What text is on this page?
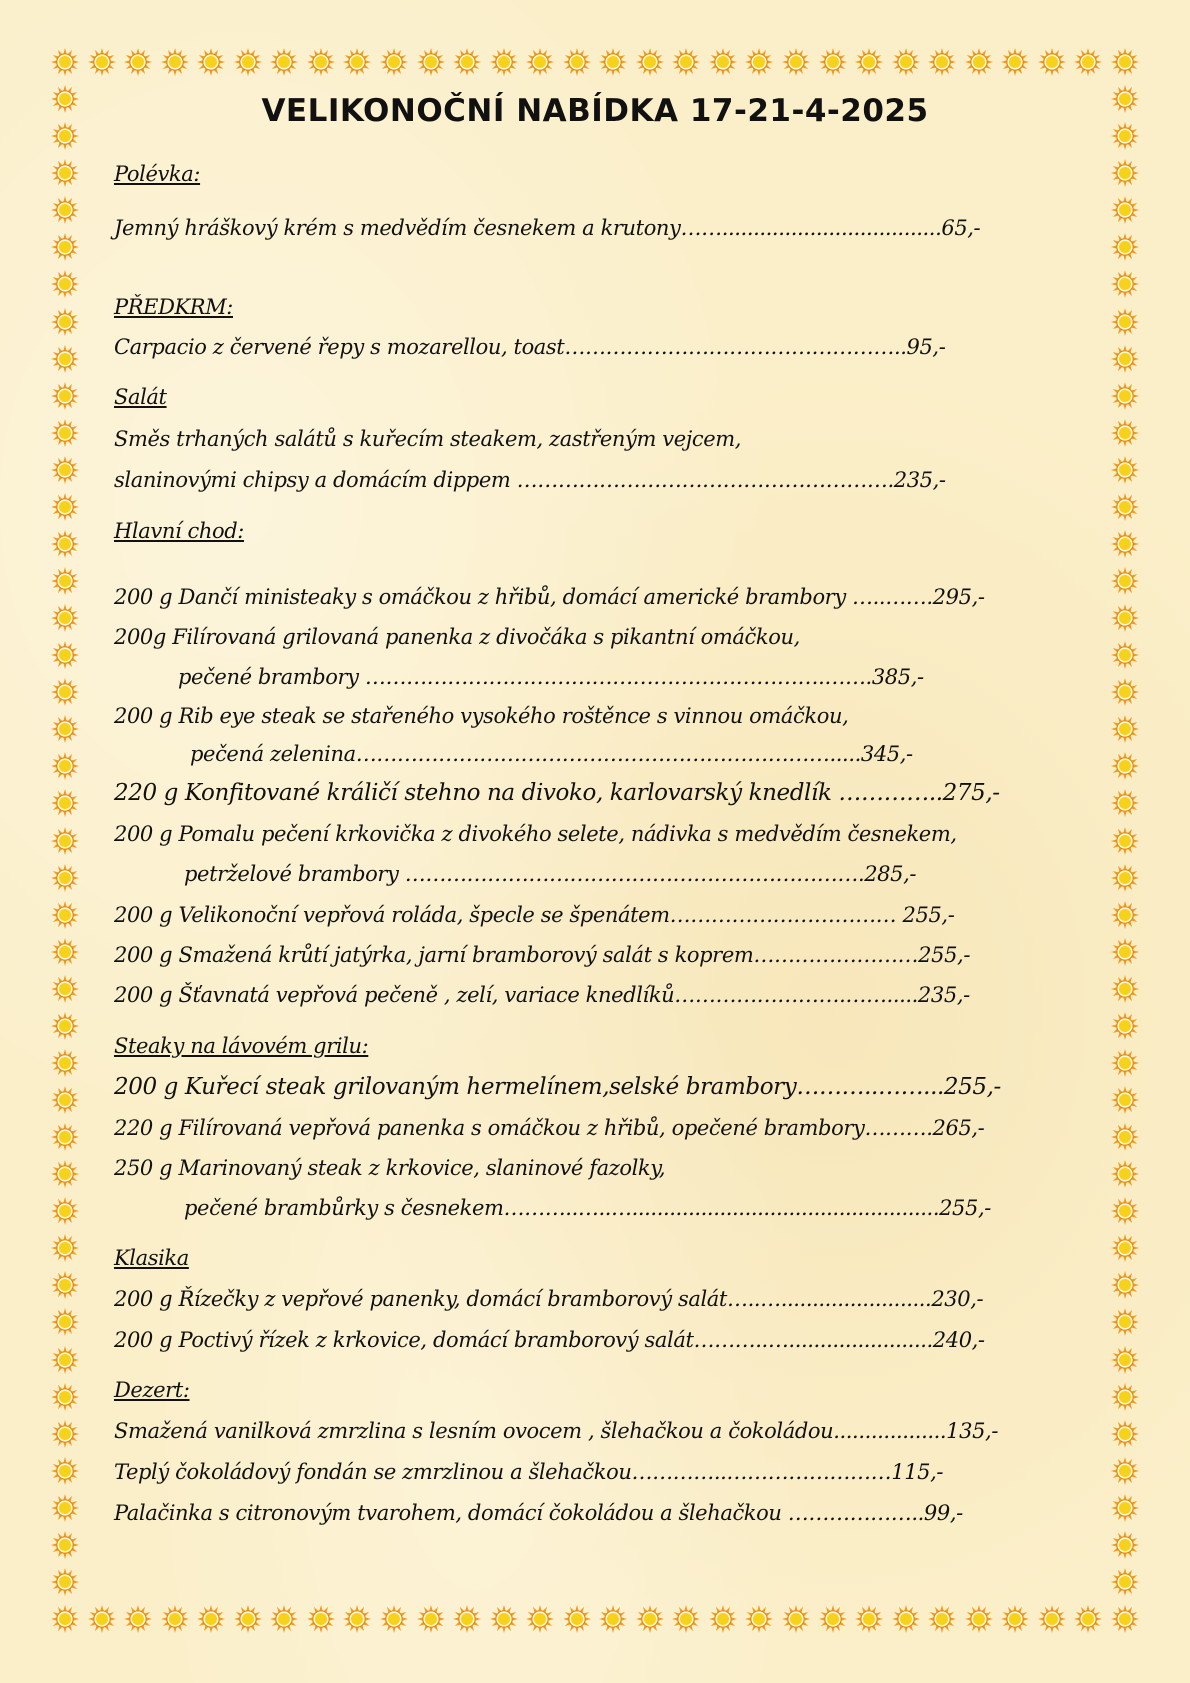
VELIKONOČNÍ NABÍDKA 17-21-4-2025
Polévka:
Jemný hráškový krém s medvědím česnekem a krutony……...................................65,-
PŘEDKRM:
Carpacio z červené řepy s mozarellou, toast…………………………………………..95,-
Salát
Směs trhaných salátů s kuřecím steakem, zastřeným vejcem,
slaninovými chipsy a domácím dippem ……………………………………………….235,-
Hlavní chod:
200 g Dančí ministeaky s omáčkou z hřibů, domácí americké brambory …..…….295,-
200g Filírovaná grilovaná panenka z divočáka s pikantní omáčkou,
pečené brambory ………………………………………………………….…….385,-
200 g Rib eye steak se stařeného vysokého roštěnce s vinnou omáčkou,
pečená zelenina…………………………………………………………….....345,-
220 g Konfitované králičí stehno na divoko, karlovarský knedlík …………..275,-
200 g Pomalu pečení krkovička z divokého selete, nádivka s medvědím česnekem,
petrželové brambory ………………………………………………………….285,-
200 g Velikonoční vepřová roláda, špecle se špenátem…………………………… 255,-
200 g Smažená krůtí jatýrka, jarní bramborový salát s koprem……………………255,-
200 g Šťavnatá vepřová pečeně , zelí, variace knedlíků…………………….…….....235,-
Steaky na lávovém grilu:
200 g Kuřecí steak grilovaným hermelínem,selské brambory………..……...255,-
220 g Filírovaná vepřová panenka s omáčkou z hřibů, opečené brambory……….265,-
250 g Marinovaný steak z krkovice, slaninové fazolky,
pečené brambůrky s česnekem………..…..….................................................255,-
Klasika
200 g Řízečky z vepřové panenky, domácí bramborový salát…..…........................230,-
200 g Poctivý řízek z krkovice, domácí bramborový salát………..….......................240,-
Dezert:
Smažená vanilková zmrzlina s lesním ovocem , šlehačkou a čokoládou..................135,-
Teplý čokoládový fondán se zmrzlinou a šlehačkou…………..……………………115,-
Palačinka s citronovým tvarohem, domácí čokoládou a šlehačkou ………………..99,-
